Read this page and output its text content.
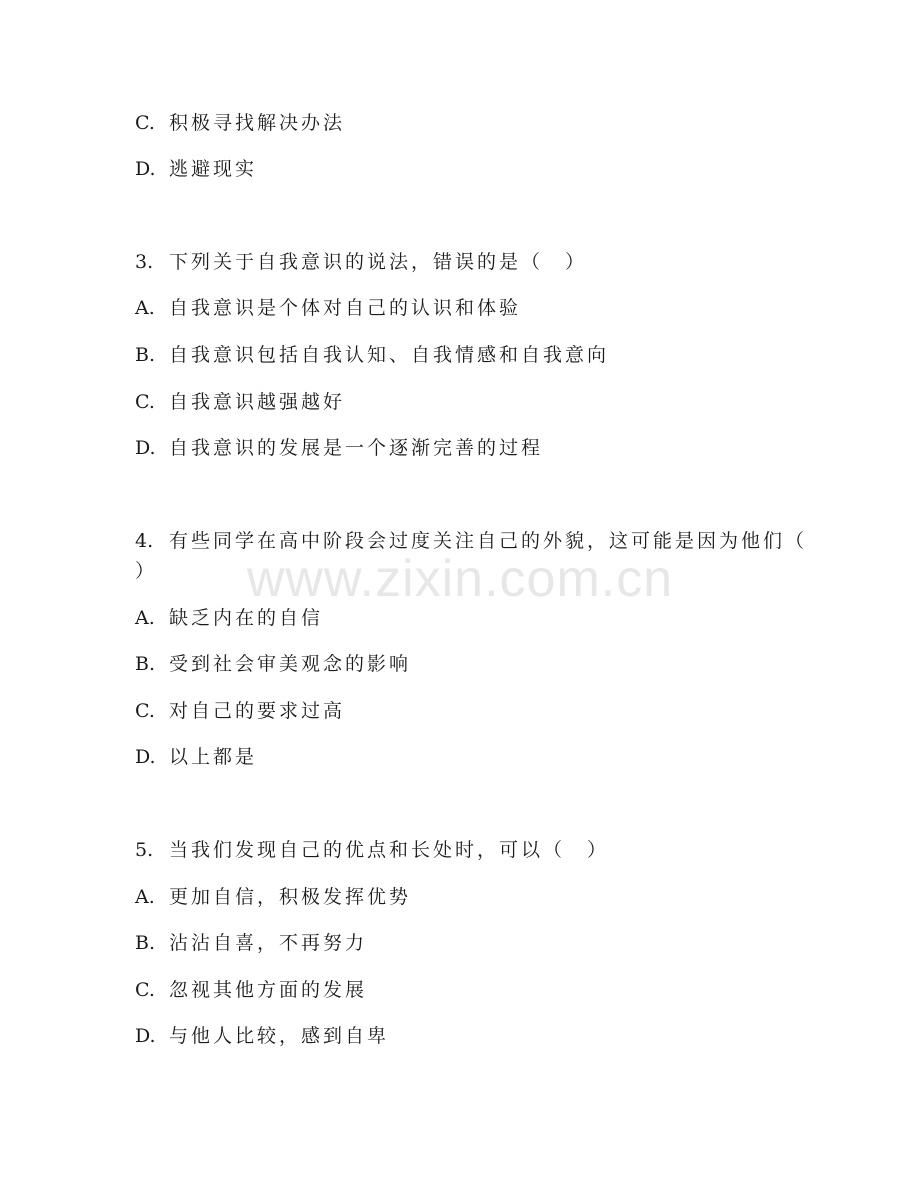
C. 积极寻找解决办法
D. 逃避现实
3. 下列关于自我意识的说法，错误的是（　）
A. 自我意识是个体对自己的认识和体验
B. 自我意识包括自我认知、自我情感和自我意向
C. 自我意识越强越好
D. 自我意识的发展是一个逐渐完善的过程
4. 有些同学在高中阶段会过度关注自己的外貌，这可能是因为他们（
）
A. 缺乏内在的自信
B. 受到社会审美观念的影响
C. 对自己的要求过高
D. 以上都是
5. 当我们发现自己的优点和长处时，可以（　）
A. 更加自信，积极发挥优势
B. 沾沾自喜，不再努力
C. 忽视其他方面的发展
D. 与他人比较，感到自卑
www.zixin.com.cn
